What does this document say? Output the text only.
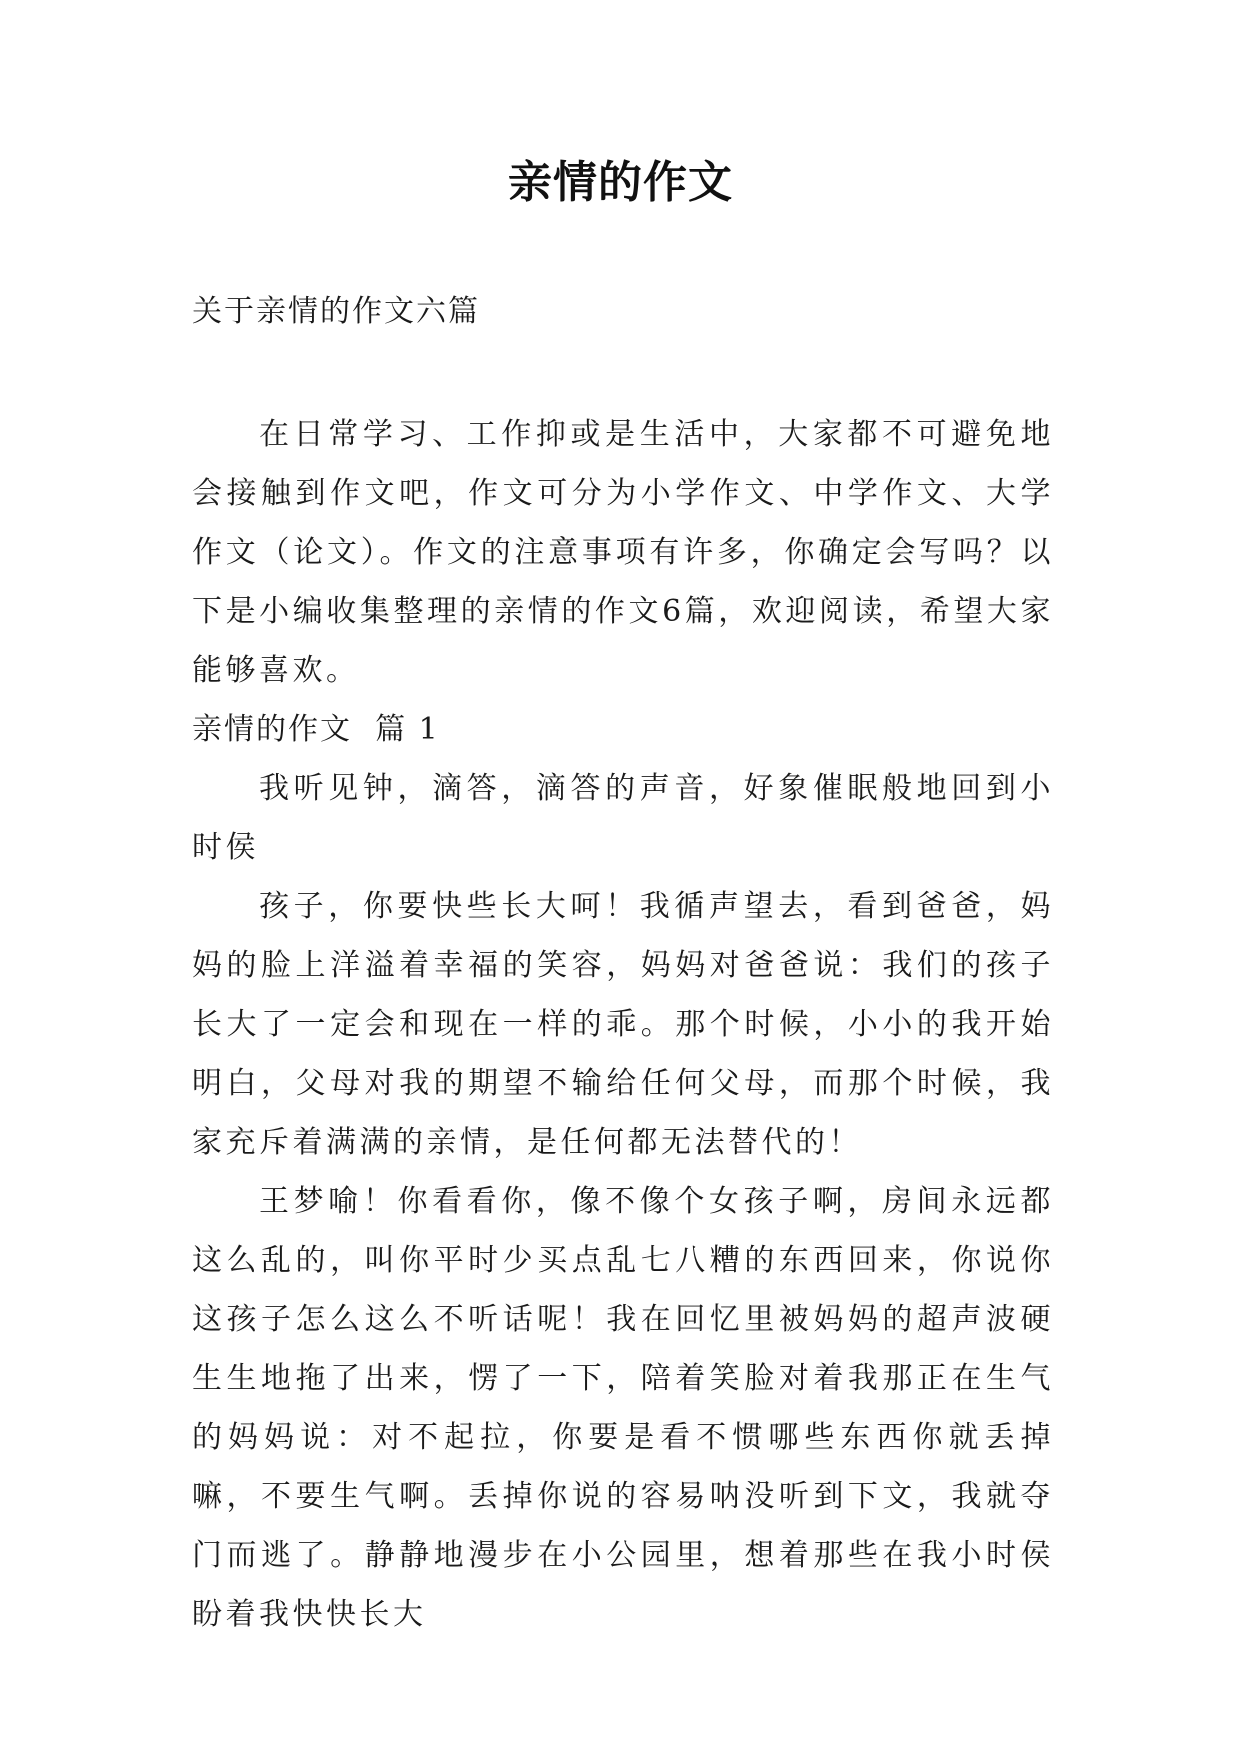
亲情的作文

关于亲情的作文六篇

在日常学习、工作抑或是生活中，大家都不可避免地会接触到作文吧，作文可分为小学作文、中学作文、大学作文（论文）。作文的注意事项有许多，你确定会写吗？以下是小编收集整理的亲情的作文6篇，欢迎阅读，希望大家能够喜欢。

亲情的作文  篇 1

我听见钟，滴答，滴答的声音，好象催眠般地回到小时侯

孩子，你要快些长大呵！我循声望去，看到爸爸，妈妈的脸上洋溢着幸福的笑容，妈妈对爸爸说：我们的孩子长大了一定会和现在一样的乖。那个时候，小小的我开始明白，父母对我的期望不输给任何父母，而那个时候，我家充斥着满满的亲情，是任何都无法替代的！

王梦喻！你看看你，像不像个女孩子啊，房间永远都这么乱的，叫你平时少买点乱七八糟的东西回来，你说你这孩子怎么这么不听话呢！我在回忆里被妈妈的超声波硬生生地拖了出来，愣了一下，陪着笑脸对着我那正在生气的妈妈说：对不起拉，你要是看不惯哪些东西你就丢掉嘛，不要生气啊。丢掉你说的容易呐没听到下文，我就夺门而逃了。静静地漫步在小公园里，想着那些在我小时侯盼着我快快长大
